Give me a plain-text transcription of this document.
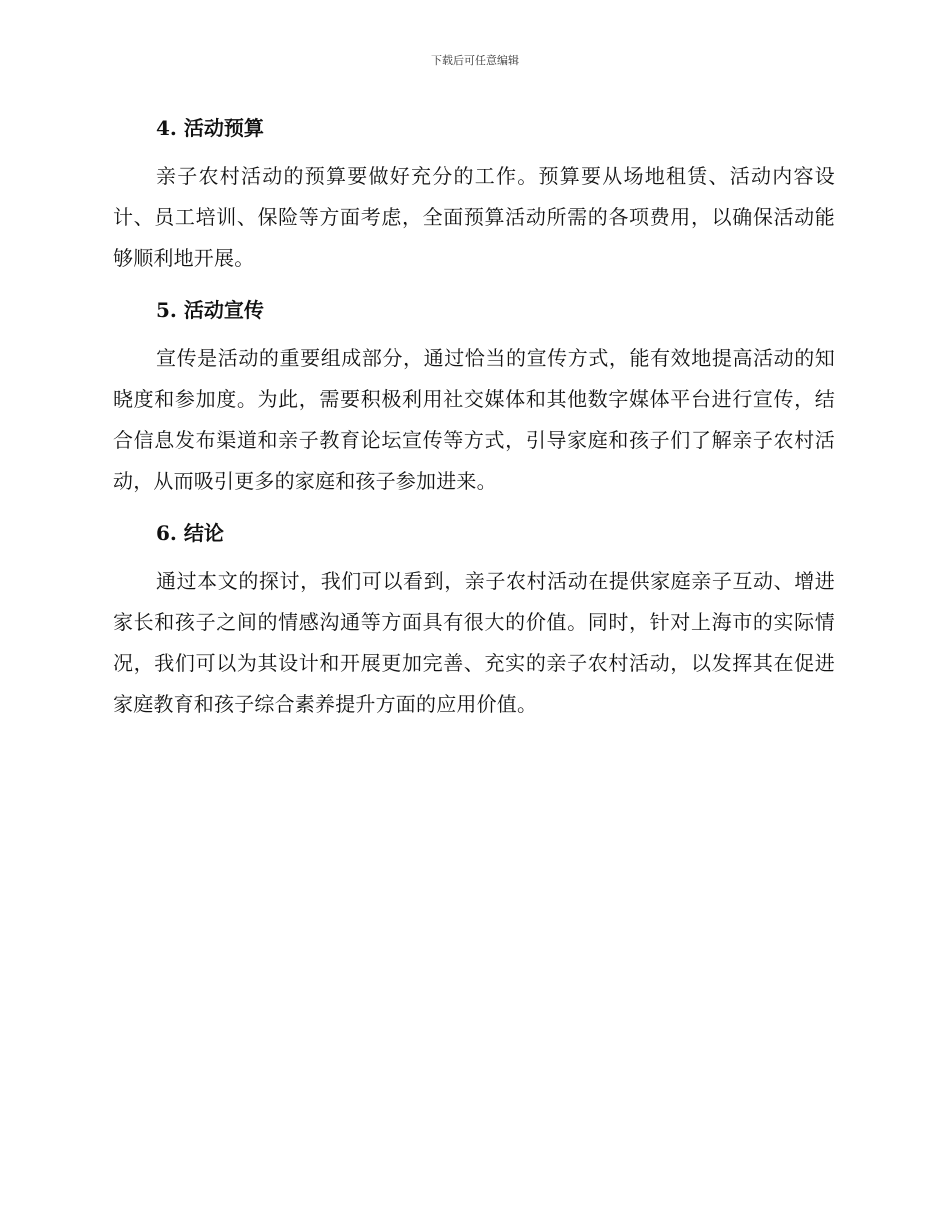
下载后可任意编辑
4. 活动预算

亲子农村活动的预算要做好充分的工作。预算要从场地租赁、活动内容设计、员工培训、保险等方面考虑，全面预算活动所需的各项费用，以确保活动能够顺利地开展。

5. 活动宣传

宣传是活动的重要组成部分，通过恰当的宣传方式，能有效地提高活动的知晓度和参加度。为此，需要积极利用社交媒体和其他数字媒体平台进行宣传，结合信息发布渠道和亲子教育论坛宣传等方式，引导家庭和孩子们了解亲子农村活动，从而吸引更多的家庭和孩子参加进来。

6. 结论

通过本文的探讨，我们可以看到，亲子农村活动在提供家庭亲子互动、增进家长和孩子之间的情感沟通等方面具有很大的价值。同时，针对上海市的实际情况，我们可以为其设计和开展更加完善、充实的亲子农村活动，以发挥其在促进家庭教育和孩子综合素养提升方面的应用价值。
